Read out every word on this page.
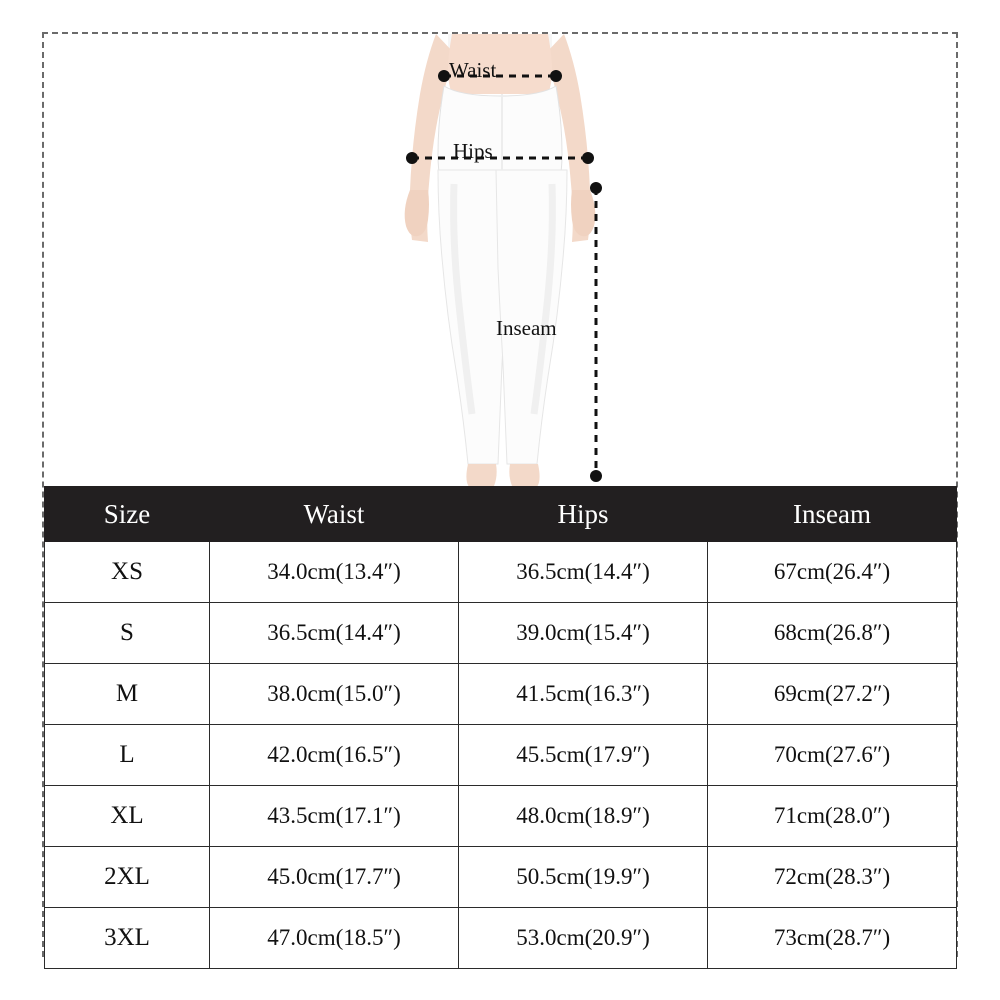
Waist
Hips
Inseam
Size	Waist	Hips	Inseam
XS	34.0cm(13.4″)	36.5cm(14.4″)	67cm(26.4″)
S	36.5cm(14.4″)	39.0cm(15.4″)	68cm(26.8″)
M	38.0cm(15.0″)	41.5cm(16.3″)	69cm(27.2″)
L	42.0cm(16.5″)	45.5cm(17.9″)	70cm(27.6″)
XL	43.5cm(17.1″)	48.0cm(18.9″)	71cm(28.0″)
2XL	45.0cm(17.7″)	50.5cm(19.9″)	72cm(28.3″)
3XL	47.0cm(18.5″)	53.0cm(20.9″)	73cm(28.7″)
